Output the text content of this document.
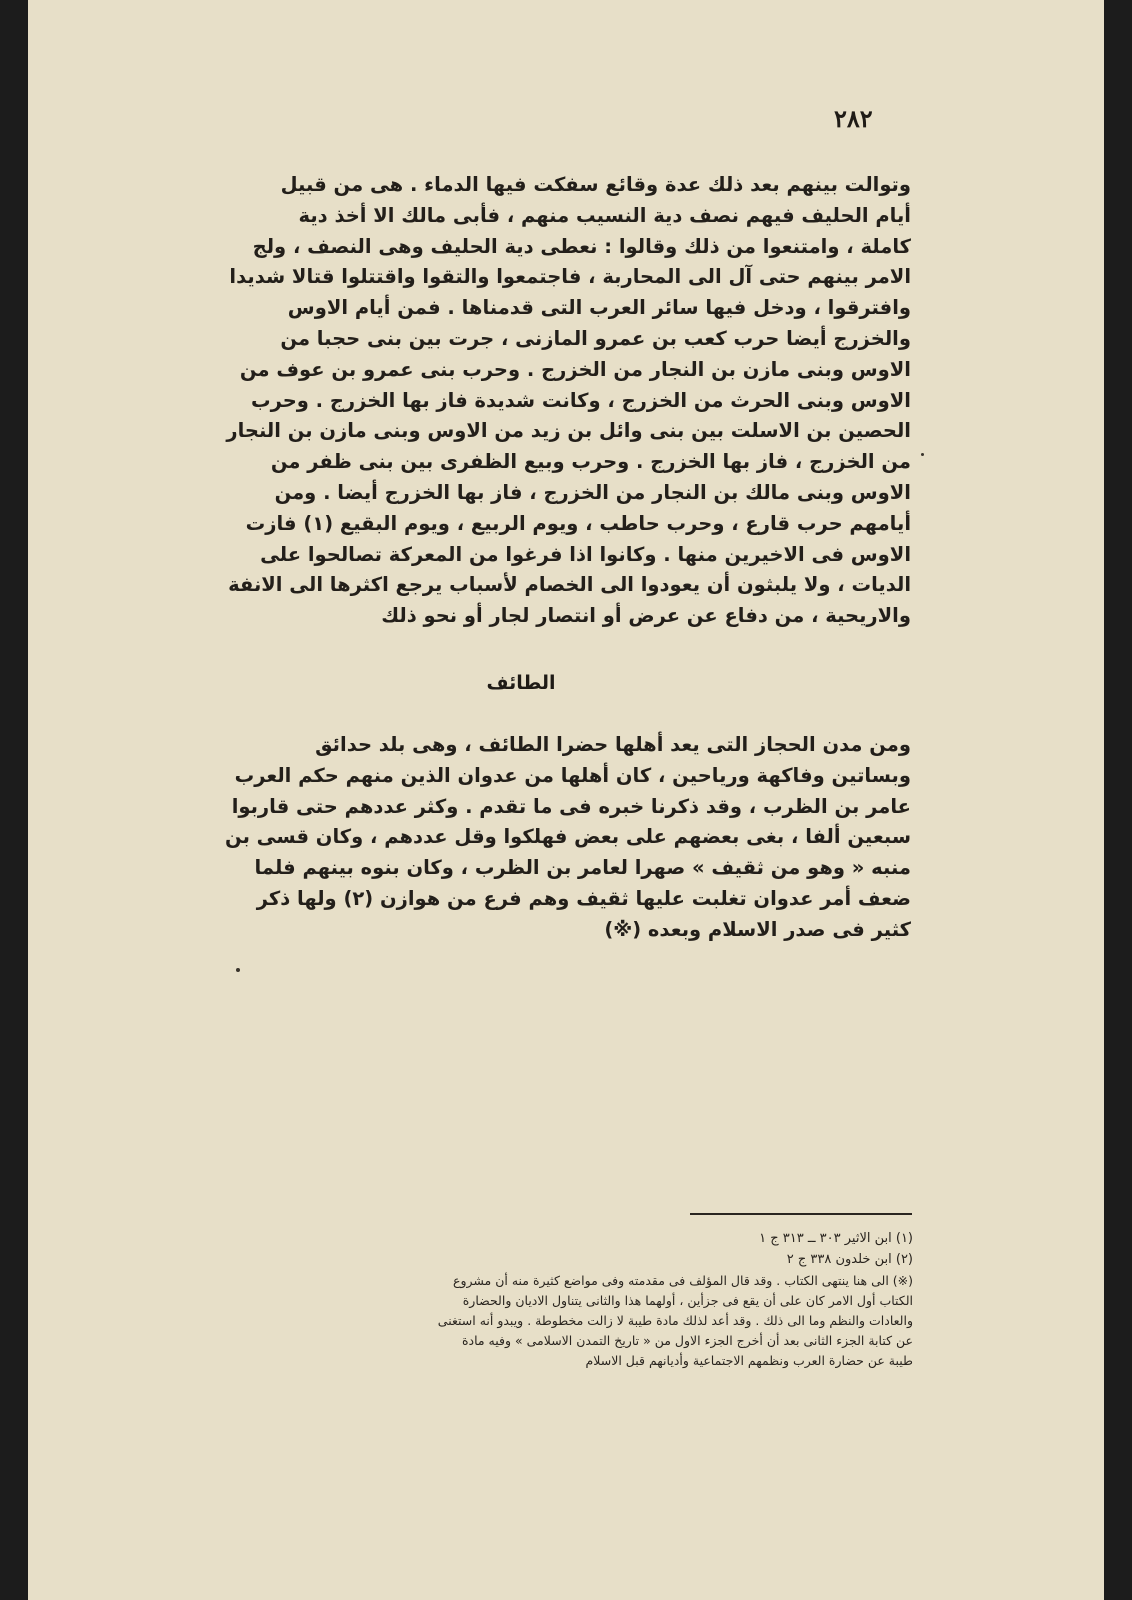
٢٨٢
وتوالت بينهم بعد ذلك عدة وقائع سفكت فيها الدماء . هى من قبيل
أيام الحليف فيهم نصف دية النسيب منهم ، فأبى مالك الا أخذ دية
كاملة ، وامتنعوا من ذلك وقالوا : نعطى دية الحليف وهى النصف ، ولج
الامر بينهم حتى آل الى المحاربة ، فاجتمعوا والتقوا واقتتلوا قتالا شديدا
وافترقوا ، ودخل فيها سائر العرب التى قدمناها . فمن أيام الاوس
والخزرج أيضا حرب كعب بن عمرو المازنى ، جرت بين بنى حجبا من
الاوس وبنى مازن بن النجار من الخزرج . وحرب بنى عمرو بن عوف من
الاوس وبنى الحرث من الخزرج ، وكانت شديدة فاز بها الخزرج . وحرب
الحصين بن الاسلت بين بنى وائل بن زيد من الاوس وبنى مازن بن النجار
من الخزرج ، فاز بها الخزرج . وحرب وبيع الظفرى بين بنى ظفر من
الاوس وبنى مالك بن النجار من الخزرج ، فاز بها الخزرج أيضا . ومن
أيامهم حرب قارع ، وحرب حاطب ، ويوم الربيع ، ويوم البقيع (١) فازت
الاوس فى الاخيرين منها . وكانوا اذا فرغوا من المعركة تصالحوا على
الديات ، ولا يلبثون أن يعودوا الى الخصام لأسباب يرجع اكثرها الى الانفة
والاريحية ، من دفاع عن عرض أو انتصار لجار أو نحو ذلك
الطائف
ومن مدن الحجاز التى يعد أهلها حضرا الطائف ، وهى بلد حدائق
وبساتين وفاكهة ورياحين ، كان أهلها من عدوان الذين منهم حكم العرب
عامر بن الظرب ، وقد ذكرنا خبره فى ما تقدم . وكثر عددهم حتى قاربوا
سبعين ألفا ، بغى بعضهم على بعض فهلكوا وقل عددهم ، وكان قسى بن
منبه « وهو من ثقيف » صهرا لعامر بن الظرب ، وكان بنوه بينهم فلما
ضعف أمر عدوان تغلبت عليها ثقيف وهم فرع من هوازن (٢) ولها ذكر
كثير فى صدر الاسلام وبعده (※)
(١) ابن الاثير ٣٠٣ ــ ٣١٣ ج ١
(٢) ابن خلدون ٣٣٨ ج ٢
(※) الى هنا ينتهى الكتاب . وقد قال المؤلف فى مقدمته وفى مواضع كثيرة منه أن مشروع
الكتاب أول الامر كان على أن يقع فى جزأين ، أولهما هذا والثانى يتناول الاديان والحضارة
والعادات والنظم وما الى ذلك . وقد أعد لذلك مادة طيبة لا زالت مخطوطة . ويبدو أنه استغنى
عن كتابة الجزء الثانى بعد أن أخرج الجزء الاول من « تاريخ التمدن الاسلامى » وفيه مادة
طيبة عن حضارة العرب ونظمهم الاجتماعية وأديانهم قبل الاسلام
